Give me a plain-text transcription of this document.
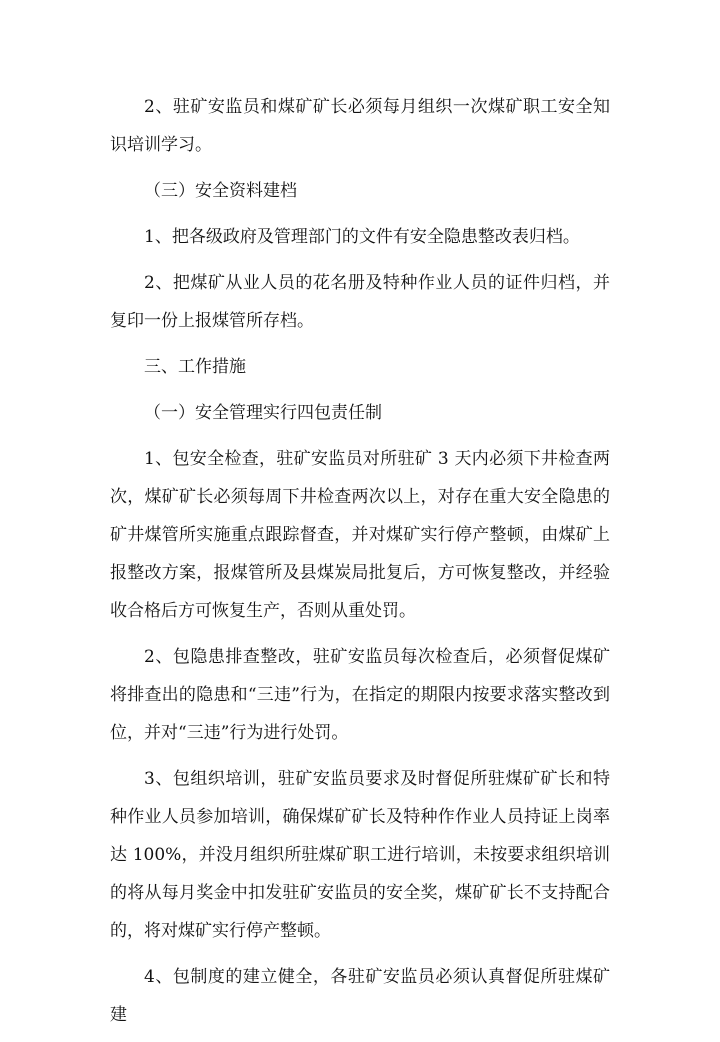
2、驻矿安监员和煤矿矿长必须每月组织一次煤矿职工安全知识培训学习。

（三）安全资料建档

1、把各级政府及管理部门的文件有安全隐患整改表归档。

2、把煤矿从业人员的花名册及特种作业人员的证件归档，并复印一份上报煤管所存档。

三、工作措施

（一）安全管理实行四包责任制

1、包安全检查，驻矿安监员对所驻矿 3 天内必须下井检查两次，煤矿矿长必须每周下井检查两次以上，对存在重大安全隐患的矿井煤管所实施重点跟踪督查，并对煤矿实行停产整顿，由煤矿上报整改方案，报煤管所及县煤炭局批复后，方可恢复整改，并经验收合格后方可恢复生产，否则从重处罚。

2、包隐患排查整改，驻矿安监员每次检查后，必须督促煤矿将排查出的隐患和“三违”行为，在指定的期限内按要求落实整改到位，并对“三违”行为进行处罚。

3、包组织培训，驻矿安监员要求及时督促所驻煤矿矿长和特种作业人员参加培训，确保煤矿矿长及特种作作业人员持证上岗率达 100%，并没月组织所驻煤矿职工进行培训，未按要求组织培训的将从每月奖金中扣发驻矿安监员的安全奖，煤矿矿长不支持配合的，将对煤矿实行停产整顿。

4、包制度的建立健全，各驻矿安监员必须认真督促所驻煤矿建
